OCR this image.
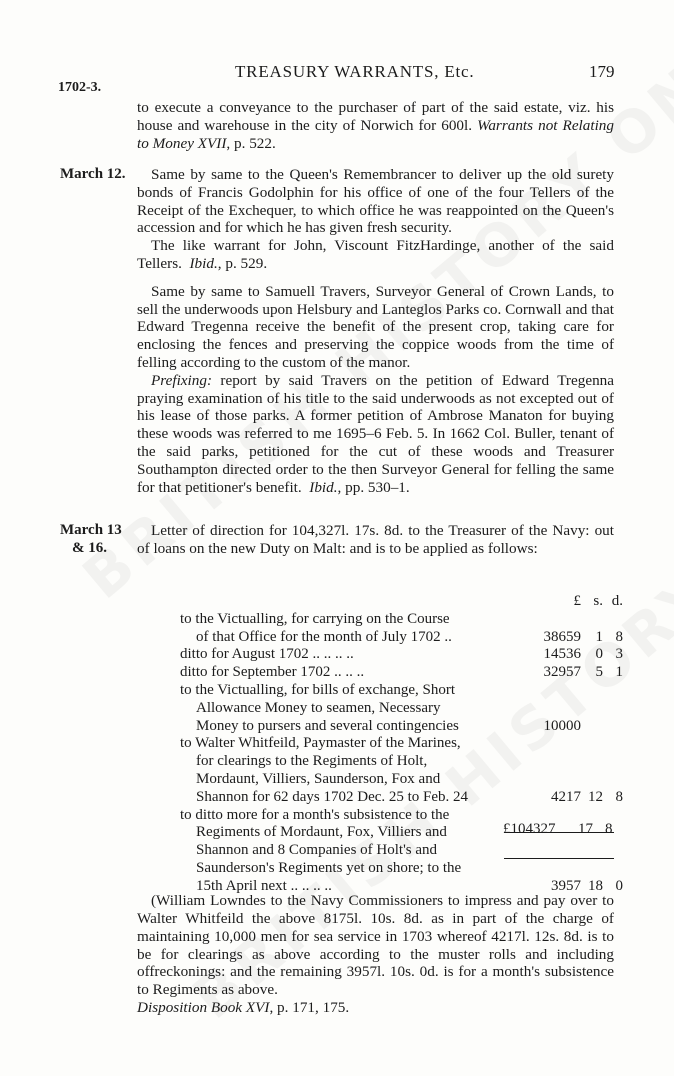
TREASURY WARRANTS, Etc.	179
1702-3.

to execute a conveyance to the purchaser of part of the said estate, viz. his house and warehouse in the city of Norwich for 600l. Warrants not Relating to Money XVII, p. 522.

March 12.	Same by same to the Queen's Remembrancer to deliver up the old surety bonds of Francis Godolphin for his office of one of the four Tellers of the Receipt of the Exchequer, to which office he was reappointed on the Queen's accession and for which he has given fresh security.

The like warrant for John, Viscount FitzHardinge, another of the said Tellers. Ibid., p. 529.

Same by same to Samuell Travers, Surveyor General of Crown Lands, to sell the underwoods upon Helsbury and Lanteglos Parks co. Cornwall and that Edward Tregenna receive the benefit of the present crop, taking care for enclosing the fences and preserving the coppice woods from the time of felling according to the custom of the manor.

Prefixing: report by said Travers on the petition of Edward Tregenna praying examination of his title to the said underwoods as not excepted out of his lease of those parks. A former petition of Ambrose Manaton for buying these woods was referred to me 1695–6 Feb. 5. In 1662 Col. Buller, tenant of the said parks, petitioned for the cut of these woods and Treasurer Southampton directed order to the then Surveyor General for felling the same for that petitioner's benefit. Ibid., pp. 530–1.

March 13
& 16.

Letter of direction for 104,327l. 17s. 8d. to the Treasurer of the Navy: out of loans on the new Duty on Malt: and is to be applied as follows:

	£	s.	d.
to the Victualling, for carrying on the Course			
of that Office for the month of July 1702 ..	38659	1	8
ditto for August 1702 .. .. .. ..	14536	0	3
ditto for September 1702 .. .. ..	32957	5	1
to the Victualling, for bills of exchange, Short			
Allowance Money to seamen, Necessary			
Money to pursers and several contingencies	10000		
to Walter Whitfeild, Paymaster of the Marines,			
for clearings to the Regiments of Holt,			
Mordaunt, Villiers, Saunderson, Fox and			
Shannon for 62 days 1702 Dec. 25 to Feb. 24	4217	12	8
to ditto more for a month's subsistence to the			
Regiments of Mordaunt, Fox, Villiers and			
Shannon and 8 Companies of Holt's and			
Saunderson's Regiments yet on shore; to the			
15th April next .. .. .. ..	3957	18	0
£104327 17 8

(William Lowndes to the Navy Commissioners to impress and pay over to Walter Whitfeild the above 8175l. 10s. 8d. as in part of the charge of maintaining 10,000 men for sea service in 1703 whereof 4217l. 12s. 8d. is to be for clearings as above according to the muster rolls and including offreckonings: and the remaining 3957l. 10s. 0d. is for a month's subsistence to Regiments as above.
Disposition Book XVI, p. 171, 175.
